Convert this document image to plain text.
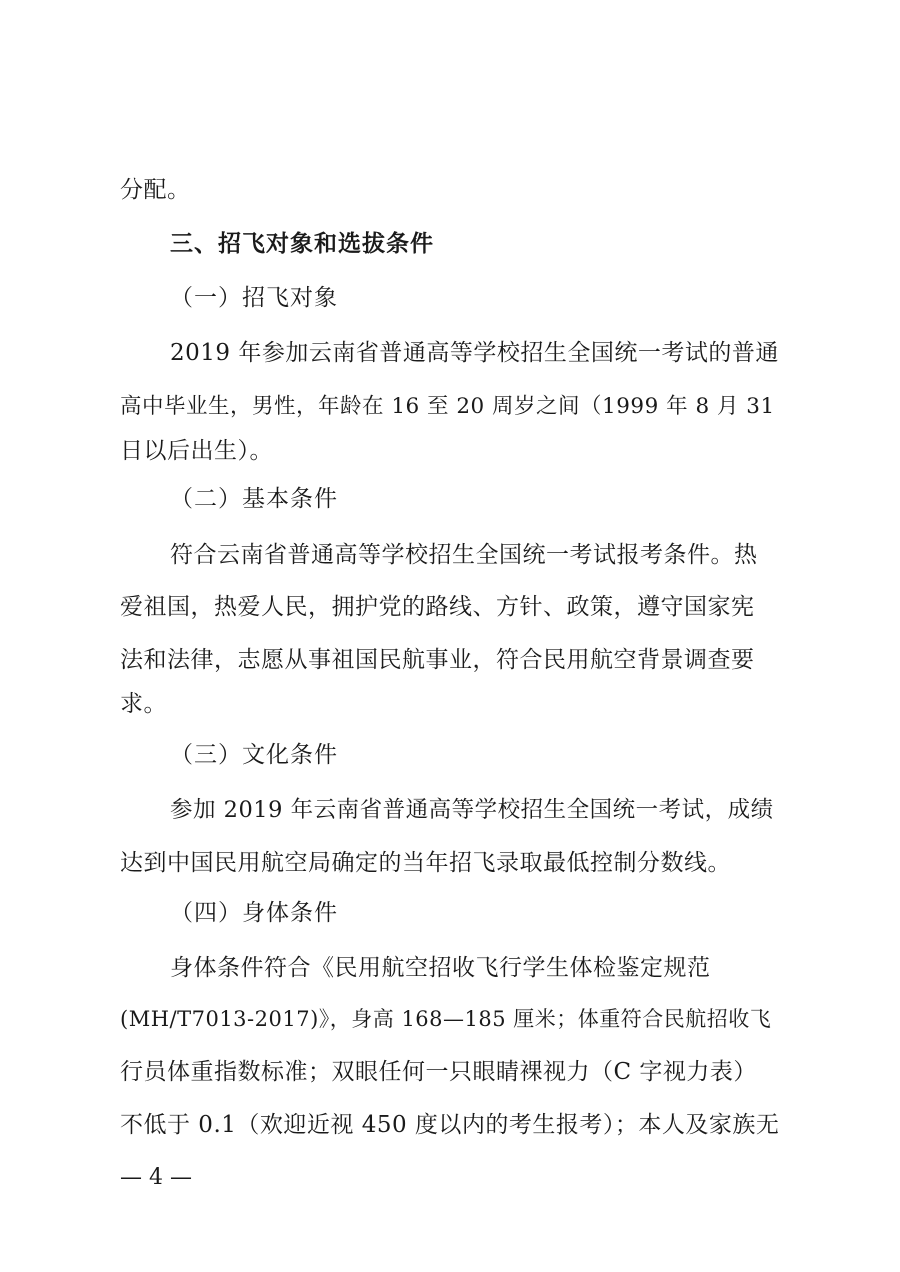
分配。
三、招飞对象和选拔条件
（一）招飞对象
2019 年参加云南省普通高等学校招生全国统一考试的普通
高中毕业生，男性，年龄在 16 至 20 周岁之间（1999 年 8 月 31
日以后出生）。
（二）基本条件
符合云南省普通高等学校招生全国统一考试报考条件。热
爱祖国，热爱人民，拥护党的路线、方针、政策，遵守国家宪
法和法律，志愿从事祖国民航事业，符合民用航空背景调查要
求。
（三）文化条件
参加 2019 年云南省普通高等学校招生全国统一考试，成绩
达到中国民用航空局确定的当年招飞录取最低控制分数线。
（四）身体条件
身体条件符合《民用航空招收飞行学生体检鉴定规范
(MH/T7013-2017)》，身高 168—185 厘米；体重符合民航招收飞
行员体重指数标准；双眼任何一只眼睛裸视力（C 字视力表）
不低于 0.1（欢迎近视 450 度以内的考生报考）；本人及家族无
— 4 —
